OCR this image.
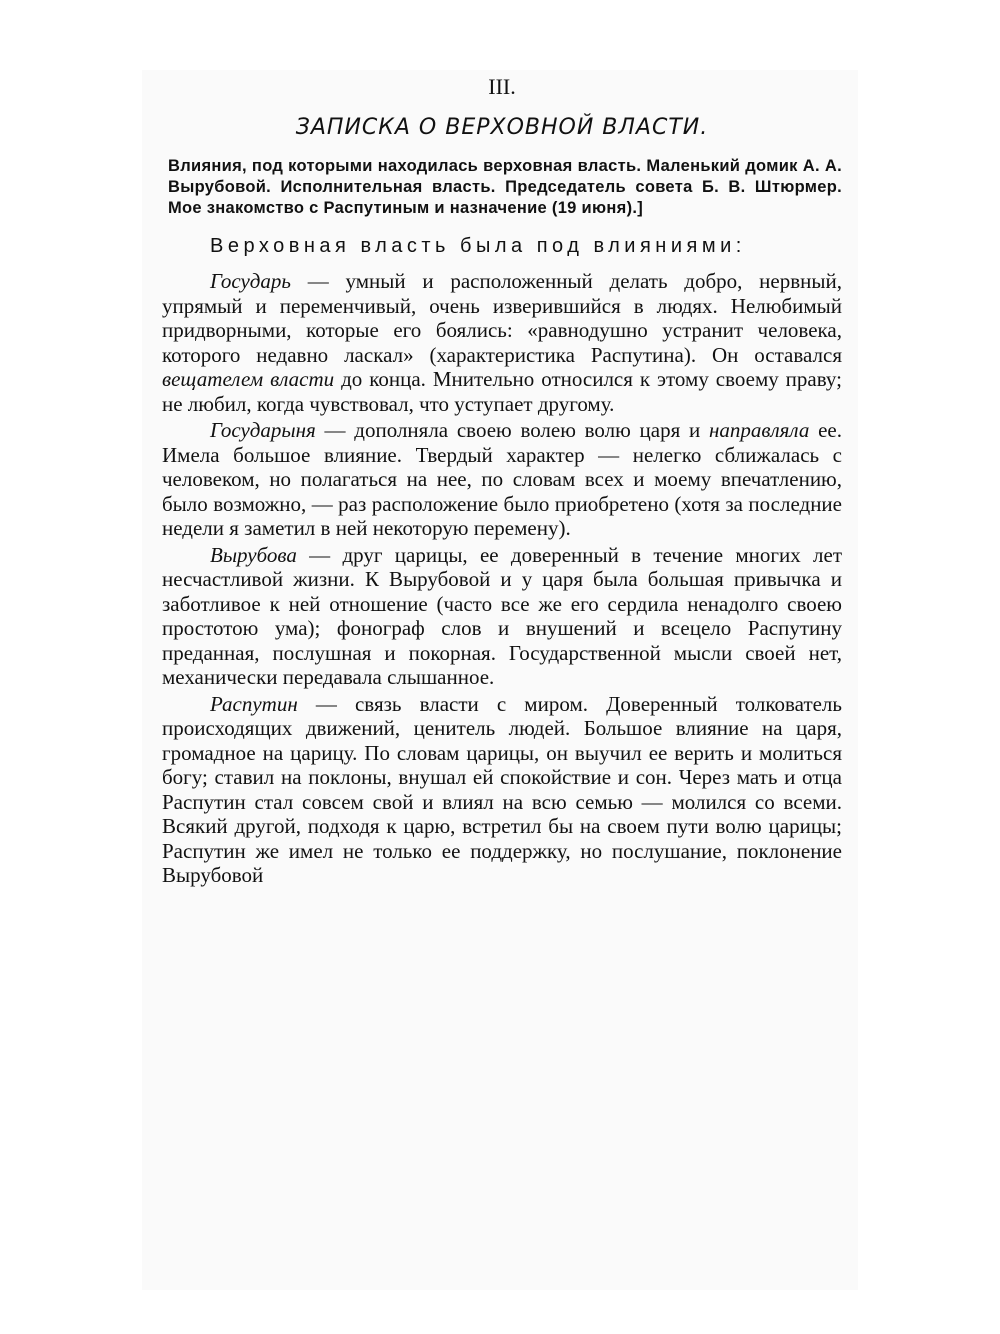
III.
ЗАПИСКА О ВЕРХОВНОЙ ВЛАСТИ.

Влияния, под которыми находилась верховная власть. Маленький домик А. А. Вырубовой. Исполнительная власть. Председатель совета Б. В. Штюрмер. Мое знакомство с Распутиным и назначение (19 июня).]

Верховная власть была под влияниями:

Государь — умный и расположенный делать добро, нервный, упрямый и переменчивый, очень изверившийся в людях. Нелюбимый придворными, которые его боялись: «равнодушно устранит человека, которого недавно ласкал» (характеристика Распутина). Он оставался вещателем власти до конца. Мнительно относился к этому своему праву; не любил, когда чувствовал, что уступает другому.

Государыня — дополняла своею волею волю царя и направляла ее. Имела большое влияние. Твердый характер — нелегко сближалась с человеком, но полагаться на нее, по словам всех и моему впечатлению, было возможно, — раз расположение было приобретено (хотя за последние недели я заметил в ней некоторую перемену).

Вырубова — друг царицы, ее доверенный в течение многих лет несчастливой жизни. К Вырубовой и у царя была большая привычка и заботливое к ней отношение (часто все же его сердила ненадолго своею простотою ума); фонограф слов и внушений и всецело Распутину преданная, послушная и покорная. Государственной мысли своей нет, механически передавала слышанное.

Распутин — связь власти с миром. Доверенный толкователь происходящих движений, ценитель людей. Большое влияние на царя, громадное на царицу. По словам царицы, он выучил ее верить и молиться богу; ставил на поклоны, внушал ей спокойствие и сон. Через мать и отца Распутин стал совсем свой и влиял на всю семью — молился со всеми. Всякий другой, подходя к царю, встретил бы на своем пути волю царицы; Распутин же имел не только ее поддержку, но послушание, поклонение Вырубовой
